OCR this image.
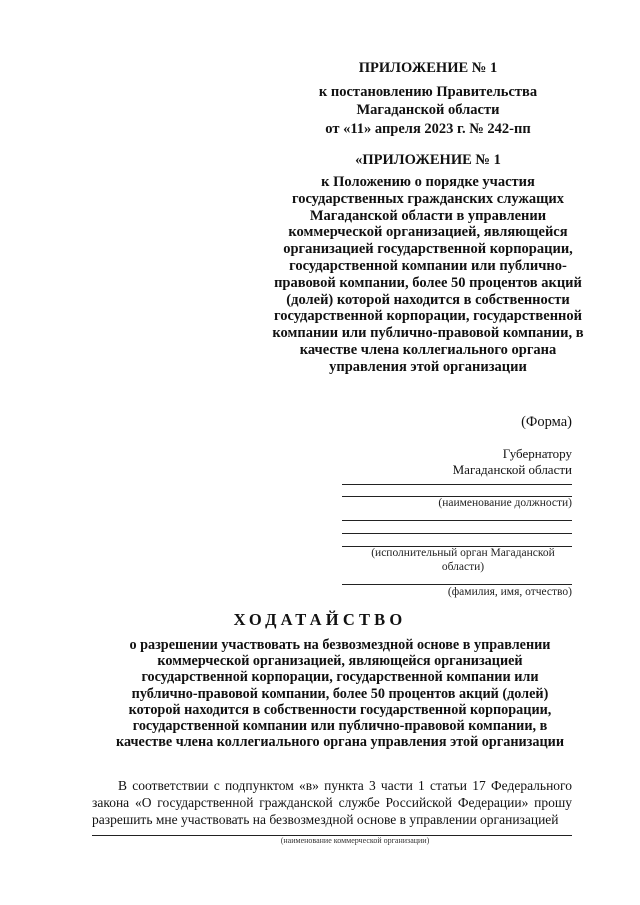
ПРИЛОЖЕНИЕ № 1
к постановлению Правительства
Магаданской области
от «11» апреля 2023 г. № 242-пп
«ПРИЛОЖЕНИЕ № 1
к Положению о порядке участия государственных гражданских служащих Магаданской области в управлении коммерческой организацией, являющейся организацией государственной корпорации, государственной компании или публично-правовой компании, более 50 процентов акций (долей) которой находится в собственности государственной корпорации, государственной компании или публично-правовой компании, в качестве члена коллегиального органа управления этой организации
(Форма)
Губернатору
Магаданской области
(наименование должности)
(исполнительный орган Магаданской области)
(фамилия, имя, отчество)
ХОДАТАЙСТВО
о разрешении участвовать на безвозмездной основе в управлении коммерческой организацией, являющейся организацией государственной корпорации, государственной компании или публично-правовой компании, более 50 процентов акций (долей) которой находится в собственности государственной корпорации, государственной компании или публично-правовой компании, в качестве члена коллегиального органа управления этой организации
В соответствии с подпунктом «в» пункта 3 части 1 статьи 17 Федерального закона «О государственной гражданской службе Российской Федерации» прошу разрешить мне участвовать на безвозмездной основе в управлении организацией
(наименование коммерческой организации)
